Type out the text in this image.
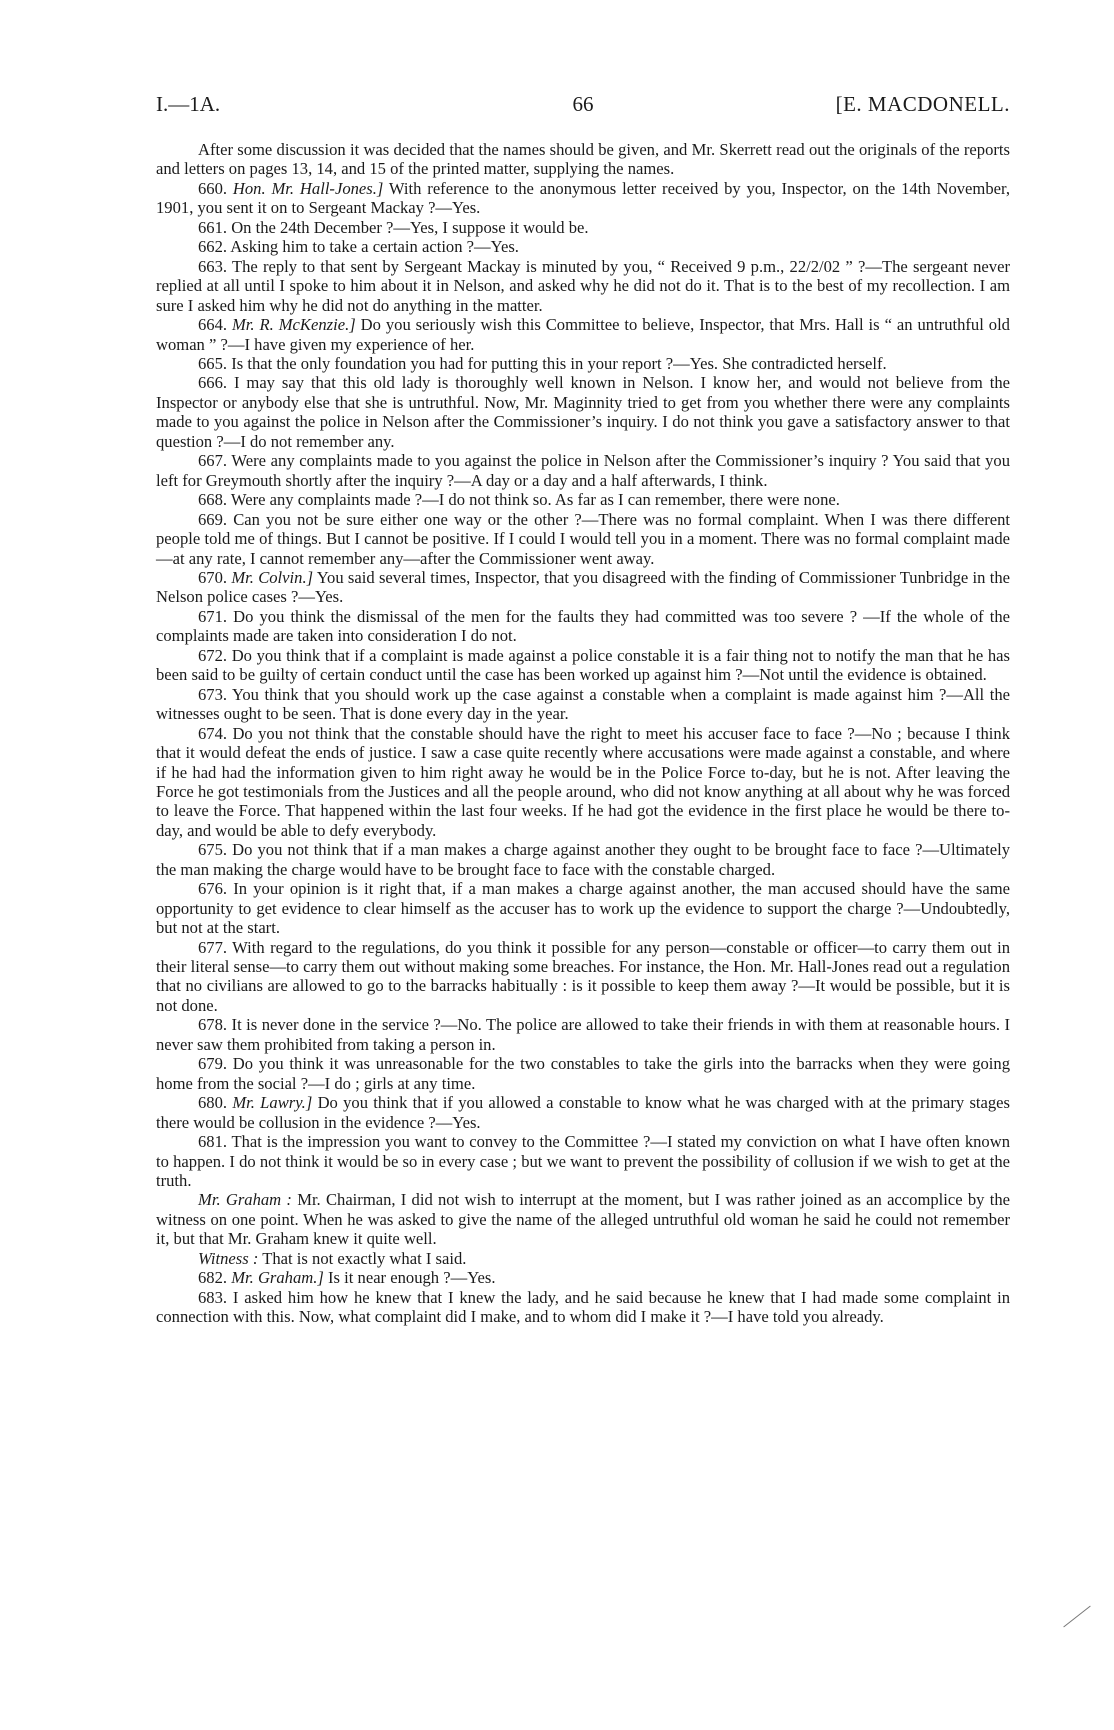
I.—1A.	66	[E. MACDONELL.

After some discussion it was decided that the names should be given, and Mr. Skerrett read out the originals of the reports and letters on pages 13, 14, and 15 of the printed matter, supplying the names.

660. Hon. Mr. Hall-Jones.] With reference to the anonymous letter received by you, Inspector, on the 14th November, 1901, you sent it on to Sergeant Mackay ?—Yes.

661. On the 24th December ?—Yes, I suppose it would be.

662. Asking him to take a certain action ?—Yes.

663. The reply to that sent by Sergeant Mackay is minuted by you, “ Received 9 p.m., 22/2/02 ” ?—The sergeant never replied at all until I spoke to him about it in Nelson, and asked why he did not do it. That is to the best of my recollection. I am sure I asked him why he did not do anything in the matter.

664. Mr. R. McKenzie.] Do you seriously wish this Committee to believe, Inspector, that Mrs. Hall is “ an untruthful old woman ” ?—I have given my experience of her.

665. Is that the only foundation you had for putting this in your report ?—Yes. She contradicted herself.

666. I may say that this old lady is thoroughly well known in Nelson. I know her, and would not believe from the Inspector or anybody else that she is untruthful. Now, Mr. Maginnity tried to get from you whether there were any complaints made to you against the police in Nelson after the Commissioner’s inquiry. I do not think you gave a satisfactory answer to that question ?—I do not remember any.

667. Were any complaints made to you against the police in Nelson after the Commissioner’s inquiry ? You said that you left for Greymouth shortly after the inquiry ?—A day or a day and a half afterwards, I think.

668. Were any complaints made ?—I do not think so. As far as I can remember, there were none.

669. Can you not be sure either one way or the other ?—There was no formal complaint. When I was there different people told me of things. But I cannot be positive. If I could I would tell you in a moment. There was no formal complaint made—at any rate, I cannot remember any—after the Commissioner went away.

670. Mr. Colvin.] You said several times, Inspector, that you disagreed with the finding of Commissioner Tunbridge in the Nelson police cases ?—Yes.

671. Do you think the dismissal of the men for the faults they had committed was too severe ? —If the whole of the complaints made are taken into consideration I do not.

672. Do you think that if a complaint is made against a police constable it is a fair thing not to notify the man that he has been said to be guilty of certain conduct until the case has been worked up against him ?—Not until the evidence is obtained.

673. You think that you should work up the case against a constable when a complaint is made against him ?—All the witnesses ought to be seen. That is done every day in the year.

674. Do you not think that the constable should have the right to meet his accuser face to face ?—No ; because I think that it would defeat the ends of justice. I saw a case quite recently where accusations were made against a constable, and where if he had had the information given to him right away he would be in the Police Force to-day, but he is not. After leaving the Force he got testimonials from the Justices and all the people around, who did not know anything at all about why he was forced to leave the Force. That happened within the last four weeks. If he had got the evidence in the first place he would be there to-day, and would be able to defy everybody.

675. Do you not think that if a man makes a charge against another they ought to be brought face to face ?—Ultimately the man making the charge would have to be brought face to face with the constable charged.

676. In your opinion is it right that, if a man makes a charge against another, the man accused should have the same opportunity to get evidence to clear himself as the accuser has to work up the evidence to support the charge ?—Undoubtedly, but not at the start.

677. With regard to the regulations, do you think it possible for any person—constable or officer—to carry them out in their literal sense—to carry them out without making some breaches. For instance, the Hon. Mr. Hall-Jones read out a regulation that no civilians are allowed to go to the barracks habitually : is it possible to keep them away ?—It would be possible, but it is not done.

678. It is never done in the service ?—No. The police are allowed to take their friends in with them at reasonable hours. I never saw them prohibited from taking a person in.

679. Do you think it was unreasonable for the two constables to take the girls into the barracks when they were going home from the social ?—I do ; girls at any time.

680. Mr. Lawry.] Do you think that if you allowed a constable to know what he was charged with at the primary stages there would be collusion in the evidence ?—Yes.

681. That is the impression you want to convey to the Committee ?—I stated my conviction on what I have often known to happen. I do not think it would be so in every case ; but we want to prevent the possibility of collusion if we wish to get at the truth.

Mr. Graham : Mr. Chairman, I did not wish to interrupt at the moment, but I was rather joined as an accomplice by the witness on one point. When he was asked to give the name of the alleged untruthful old woman he said he could not remember it, but that Mr. Graham knew it quite well.

Witness : That is not exactly what I said.

682. Mr. Graham.] Is it near enough ?—Yes.

683. I asked him how he knew that I knew the lady, and he said because he knew that I had made some complaint in connection with this. Now, what complaint did I make, and to whom did I make it ?—I have told you already.
